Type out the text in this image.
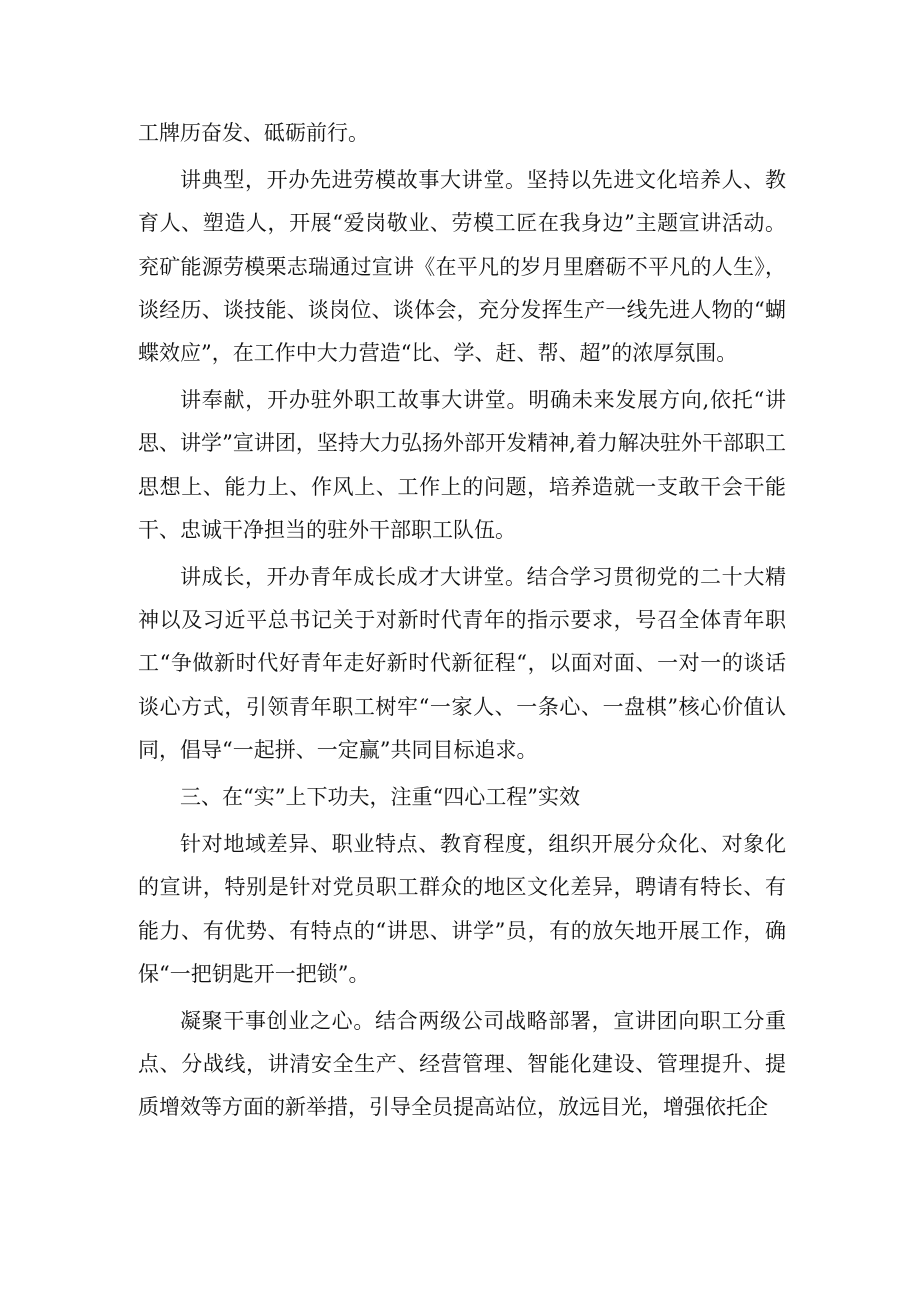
工牌历奋发、砥砺前行。

讲典型，开办先进劳模故事大讲堂。坚持以先进文化培养人、教育人、塑造人，开展“爱岗敬业、劳模工匠在我身边”主题宣讲活动。兖矿能源劳模栗志瑞通过宣讲《在平凡的岁月里磨砺不平凡的人生》，谈经历、谈技能、谈岗位、谈体会，充分发挥生产一线先进人物的“蝴蝶效应”，在工作中大力营造“比、学、赶、帮、超”的浓厚氛围。

讲奉献，开办驻外职工故事大讲堂。明确未来发展方向,依托“讲思、讲学”宣讲团，坚持大力弘扬外部开发精神,着力解决驻外干部职工思想上、能力上、作风上、工作上的问题，培养造就一支敢干会干能干、忠诚干净担当的驻外干部职工队伍。

讲成长，开办青年成长成才大讲堂。结合学习贯彻党的二十大精神以及习近平总书记关于对新时代青年的指示要求，号召全体青年职工“争做新时代好青年走好新时代新征程“，以面对面、一对一的谈话谈心方式，引领青年职工树牢“一家人、一条心、一盘棋”核心价值认同，倡导“一起拼、一定赢”共同目标追求。

三、在“实”上下功夫，注重“四心工程”实效

针对地域差异、职业特点、教育程度，组织开展分众化、对象化的宣讲，特别是针对党员职工群众的地区文化差异，聘请有特长、有能力、有优势、有特点的“讲思、讲学”员，有的放矢地开展工作，确保“一把钥匙开一把锁”。

凝聚干事创业之心。结合两级公司战略部署，宣讲团向职工分重点、分战线，讲清安全生产、经营管理、智能化建设、管理提升、提质增效等方面的新举措，引导全员提高站位，放远目光，增强依托企
